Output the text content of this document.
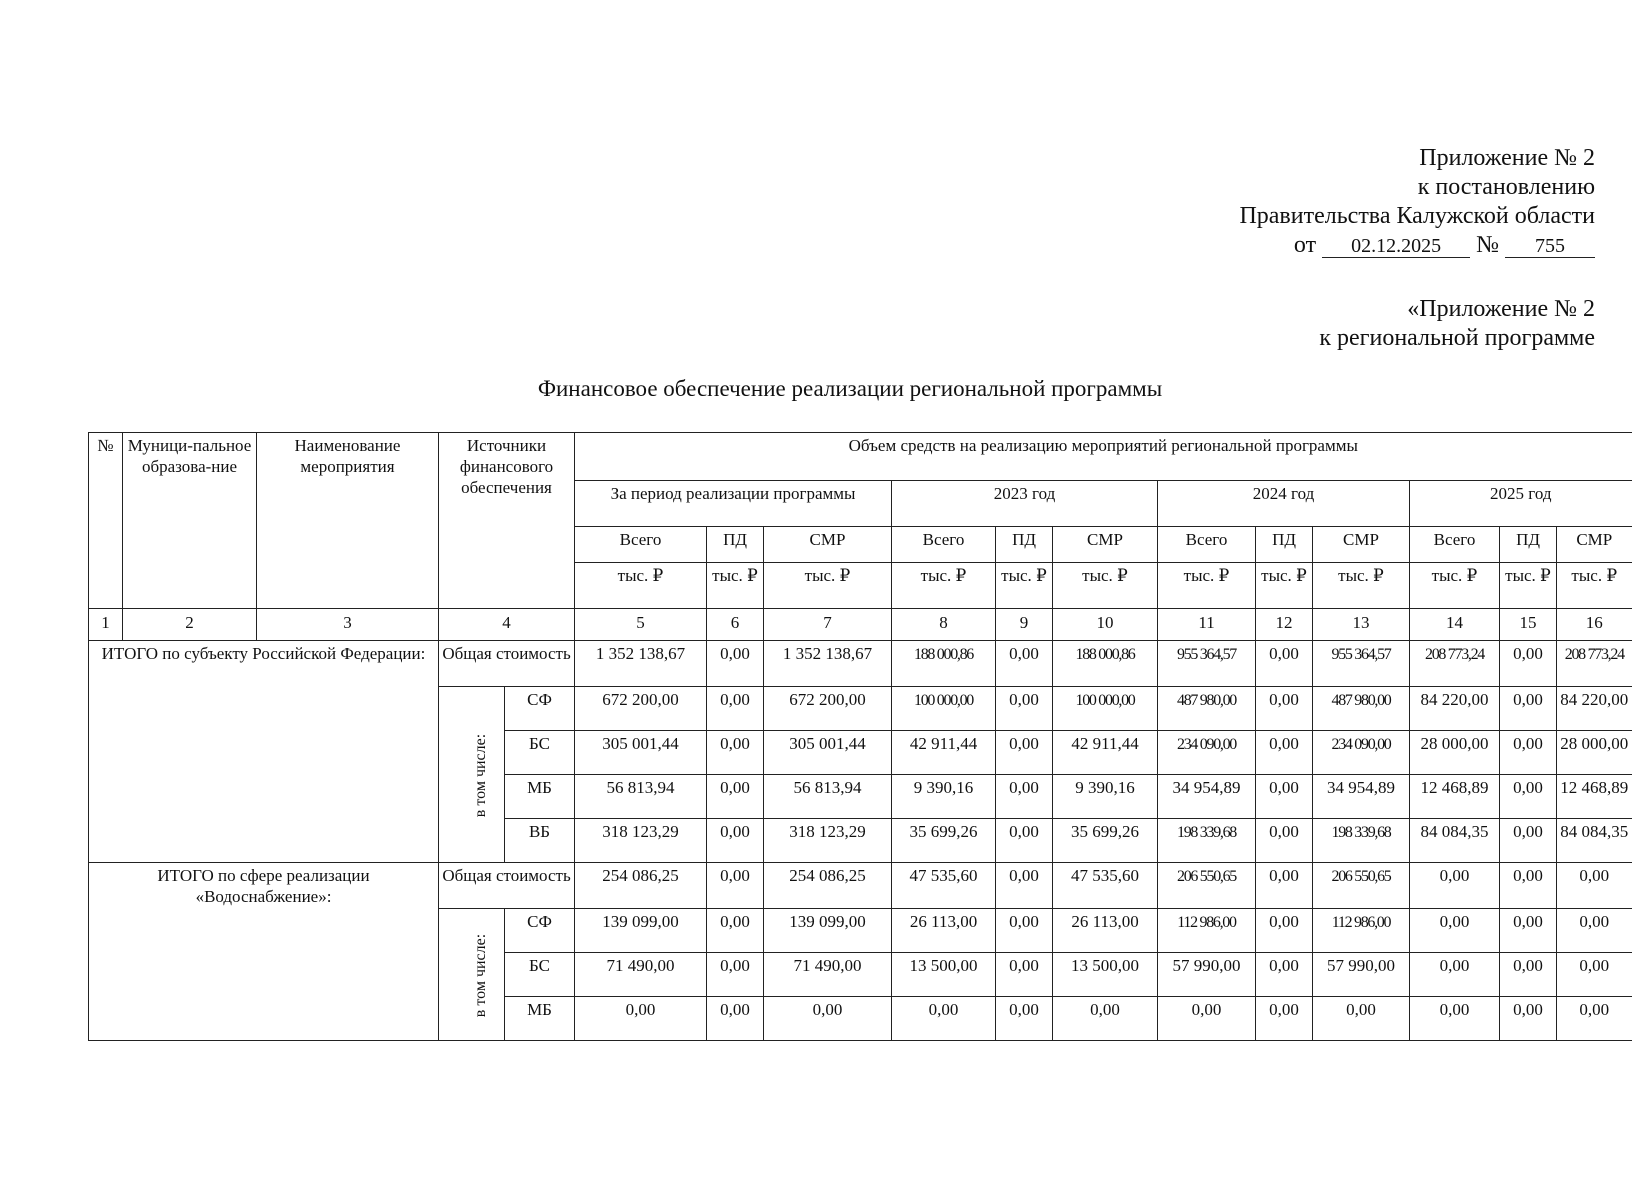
Приложение № 2
к постановлению
Правительства Калужской области
от 02.12.2025 № 755
«Приложение № 2
к региональной программе
Финансовое обеспечение реализации региональной программы
№	Муници-пальное образова-ние	Наименование мероприятия	Источники финансового обеспечения		Объем средств на реализацию мероприятий региональной программы											
					За период реализации программы			2023 год			2024 год			2025 год		
					Всего	ПД	СМР	Всего	ПД	СМР	Всего	ПД	СМР	Всего	ПД	СМР
					тыс. ₽	тыс. ₽	тыс. ₽	тыс. ₽	тыс. ₽	тыс. ₽	тыс. ₽	тыс. ₽	тыс. ₽	тыс. ₽	тыс. ₽	тыс. ₽
1	2	3	4		5	6	7	8	9	10	11	12	13	14	15	16
ИТОГО по субъекту Российской Федерации:			Общая стоимость		1 352 138,67	0,00	1 352 138,67	188 000,86	0,00	188 000,86	955 364,57	0,00	955 364,57	208 773,24	0,00	208 773,24
			в том числе:	СФ	672 200,00	0,00	672 200,00	100 000,00	0,00	100 000,00	487 980,00	0,00	487 980,00	84 220,00	0,00	84 220,00
				БС	305 001,44	0,00	305 001,44	42 911,44	0,00	42 911,44	234 090,00	0,00	234 090,00	28 000,00	0,00	28 000,00
				МБ	56 813,94	0,00	56 813,94	9 390,16	0,00	9 390,16	34 954,89	0,00	34 954,89	12 468,89	0,00	12 468,89
				ВБ	318 123,29	0,00	318 123,29	35 699,26	0,00	35 699,26	198 339,68	0,00	198 339,68	84 084,35	0,00	84 084,35
ИТОГО по сфере реализации «Водоснабжение»:			Общая стоимость		254 086,25	0,00	254 086,25	47 535,60	0,00	47 535,60	206 550,65	0,00	206 550,65	0,00	0,00	0,00
			в том числе:	СФ	139 099,00	0,00	139 099,00	26 113,00	0,00	26 113,00	112 986,00	0,00	112 986,00	0,00	0,00	0,00
				БС	71 490,00	0,00	71 490,00	13 500,00	0,00	13 500,00	57 990,00	0,00	57 990,00	0,00	0,00	0,00
				МБ	0,00	0,00	0,00	0,00	0,00	0,00	0,00	0,00	0,00	0,00	0,00	0,00
